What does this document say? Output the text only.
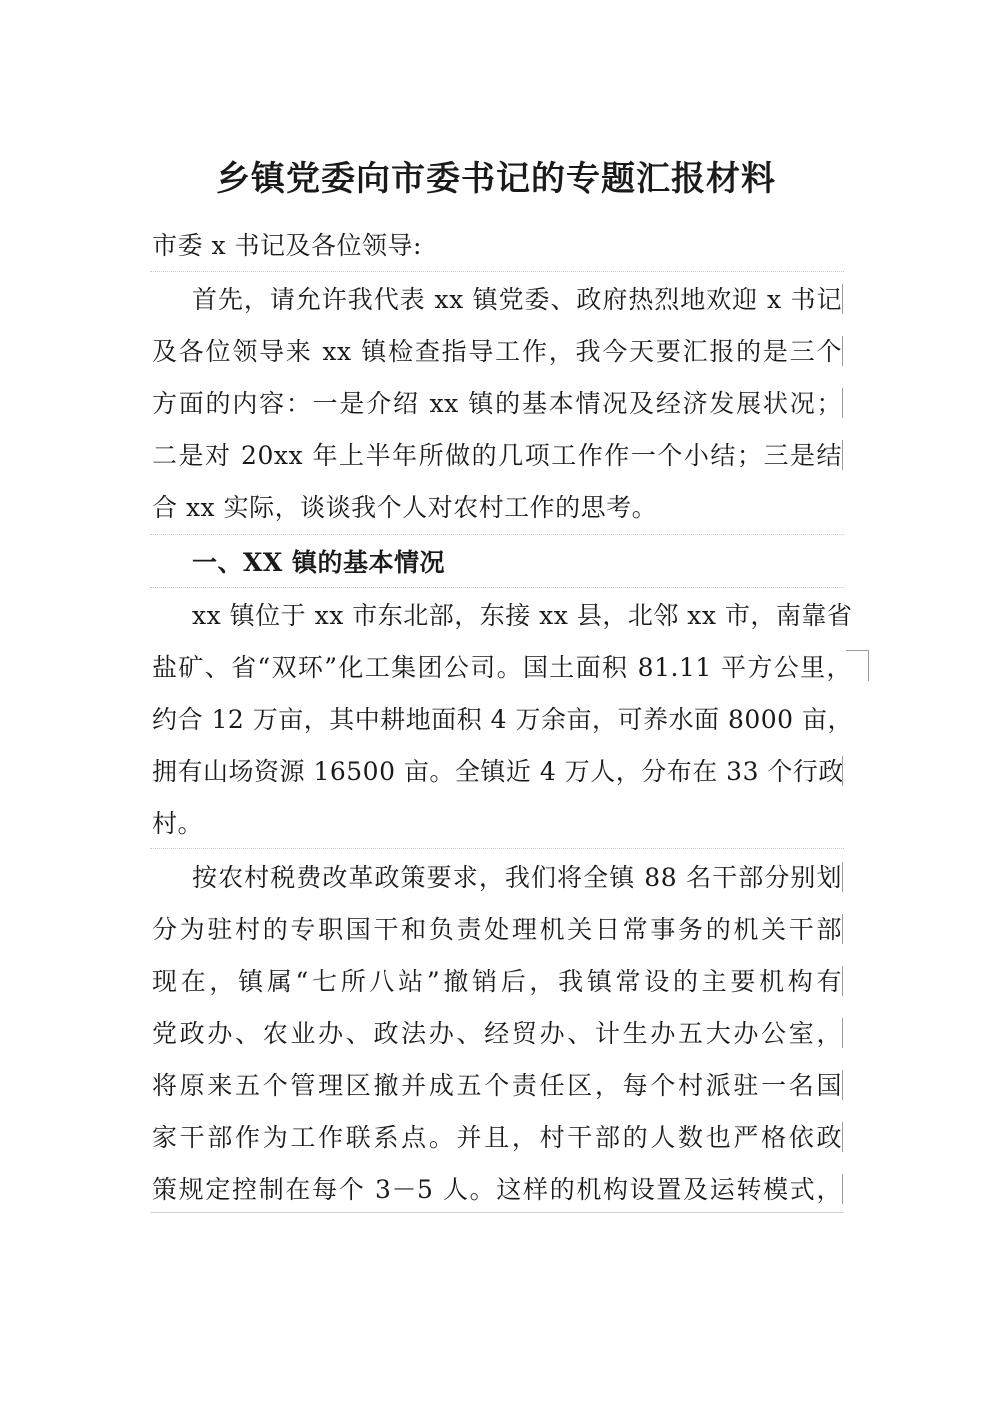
乡镇党委向市委书记的专题汇报材料
市委 x 书记及各位领导:
首先，请允许我代表 xx 镇党委、政府热烈地欢迎 x 书记
及各位领导来 xx 镇检查指导工作，我今天要汇报的是三个
方面的内容：一是介绍 xx 镇的基本情况及经济发展状况；
二是对 20xx 年上半年所做的几项工作作一个小结；三是结
合 xx 实际，谈谈我个人对农村工作的思考。
一、XX 镇的基本情况
xx 镇位于 xx 市东北部，东接 xx 县，北邻 xx 市，南靠省
盐矿、省“双环”化工集团公司。国土面积 81.11 平方公里，
约合 12 万亩，其中耕地面积 4 万余亩，可养水面 8000 亩，
拥有山场资源 16500 亩。全镇近 4 万人，分布在 33 个行政
村。
按农村税费改革政策要求，我们将全镇 88 名干部分别划
分为驻村的专职国干和负责处理机关日常事务的机关干部
现在，镇属“七所八站”撤销后，我镇常设的主要机构有
党政办、农业办、政法办、经贸办、计生办五大办公室，
将原来五个管理区撤并成五个责任区，每个村派驻一名国
家干部作为工作联系点。并且，村干部的人数也严格依政
策规定控制在每个 3－5 人。这样的机构设置及运转模式，
